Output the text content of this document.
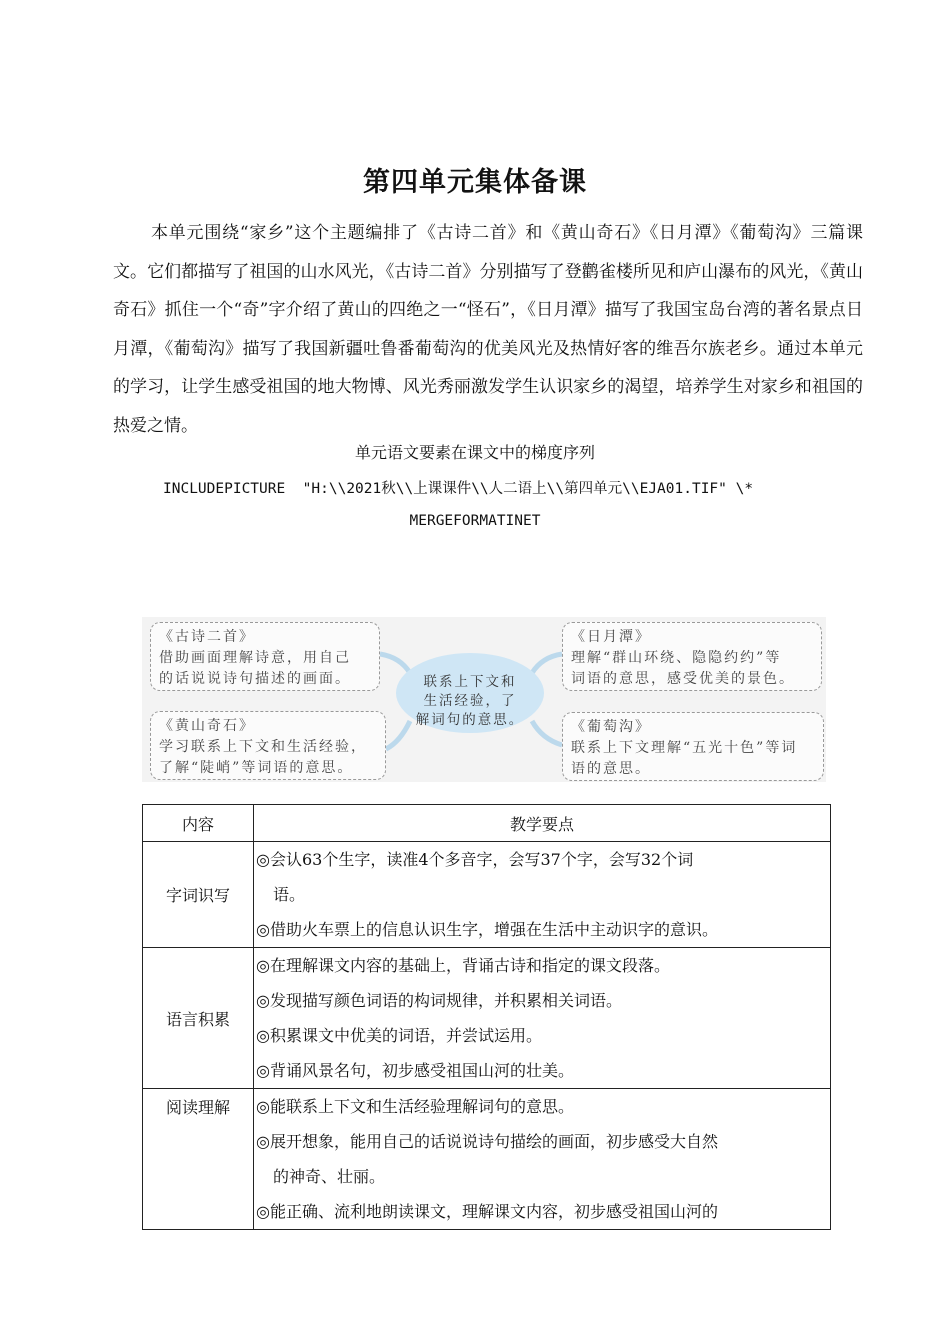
第四单元集体备课
本单元围绕“家乡”这个主题编排了《古诗二首》和《黄山奇石》《日月潭》《葡萄沟》三篇课文。它们都描写了祖国的山水风光，《古诗二首》分别描写了登鹳雀楼所见和庐山瀑布的风光，《黄山奇石》抓住一个“奇”字介绍了黄山的四绝之一“怪石”，《日月潭》描写了我国宝岛台湾的著名景点日月潭，《葡萄沟》描写了我国新疆吐鲁番葡萄沟的优美风光及热情好客的维吾尔族老乡。通过本单元的学习，让学生感受祖国的地大物博、风光秀丽激发学生认识家乡的渴望，培养学生对家乡和祖国的热爱之情。
单元语文要素在课文中的梯度序列
INCLUDEPICTURE  "H:\\2021秋\\上课课件\\人二语上\\第四单元\\EJA01.TIF" \*
MERGEFORMATINET
联系上下文和
生活经验，了
解词句的意思。
《古诗二首》
借助画面理解诗意，用自己
的话说说诗句描述的画面。
《黄山奇石》
学习联系上下文和生活经验，
了解“陡峭”等词语的意思。
《日月潭》
理解“群山环绕、隐隐约约”等
词语的意思，感受优美的景色。
《葡萄沟》
联系上下文理解“五光十色”等词
语的意思。
内容	教学要点
字词识写	◎会认63个生字，读准4个多音字，会写37个字，会写32个词
语。
◎借助火车票上的信息认识生字，增强在生活中主动识字的意识。

语言积累	◎在理解课文内容的基础上，背诵古诗和指定的课文段落。
◎发现描写颜色词语的构词规律，并积累相关词语。
◎积累课文中优美的词语，并尝试运用。
◎背诵风景名句，初步感受祖国山河的壮美。

阅读理解	◎能联系上下文和生活经验理解词句的意思。
◎展开想象，能用自己的话说说诗句描绘的画面，初步感受大自然
的神奇、壮丽。
◎能正确、流利地朗读课文，理解课文内容，初步感受祖国山河的
